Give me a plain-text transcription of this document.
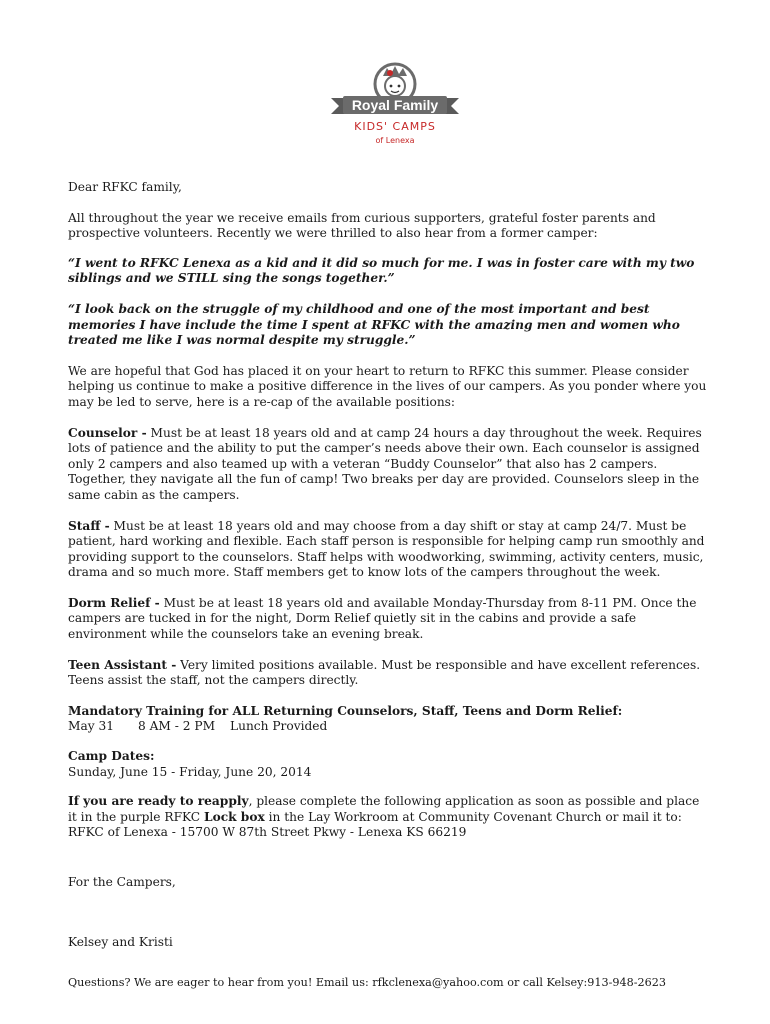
Royal Family
KIDS' CAMPS
of Lenexa

Dear RFKC family,

All throughout the year we receive emails from curious supporters, grateful foster parents and prospective volunteers. Recently we were thrilled to also hear from a former camper:

“I went to RFKC Lenexa as a kid and it did so much for me. I was in foster care with my two siblings and we STILL sing the songs together.”

“I look back on the struggle of my childhood and one of the most important and best memories I have include the time I spent at RFKC with the amazing men and women who treated me like I was normal despite my struggle.”

We are hopeful that God has placed it on your heart to return to RFKC this summer. Please consider helping us continue to make a positive difference in the lives of our campers. As you ponder where you may be led to serve, here is a re-cap of the available positions:

Counselor - Must be at least 18 years old and at camp 24 hours a day throughout the week. Requires lots of patience and the ability to put the camper’s needs above their own. Each counselor is assigned only 2 campers and also teamed up with a veteran “Buddy Counselor” that also has 2 campers. Together, they navigate all the fun of camp! Two breaks per day are provided. Counselors sleep in the same cabin as the campers.

Staff - Must be at least 18 years old and may choose from a day shift or stay at camp 24/7. Must be patient, hard working and flexible. Each staff person is responsible for helping camp run smoothly and providing support to the counselors. Staff helps with woodworking, swimming, activity centers, music, drama and so much more. Staff members get to know lots of the campers throughout the week.

Dorm Relief - Must be at least 18 years old and available Monday-Thursday from 8-11 PM. Once the campers are tucked in for the night, Dorm Relief quietly sit in the cabins and provide a safe environment while the counselors take an evening break.

Teen Assistant - Very limited positions available. Must be responsible and have excellent references. Teens assist the staff, not the campers directly.

Mandatory Training for ALL Returning Counselors, Staff, Teens and Dorm Relief:

May 31 8 AM - 2 PM Lunch Provided

Camp Dates:

Sunday, June 15 - Friday, June 20, 2014

If you are ready to reapply, please complete the following application as soon as possible and place it in the purple RFKC Lock box in the Lay Workroom at Community Covenant Church or mail it to:

RFKC of Lenexa - 15700 W 87th Street Pkwy - Lenexa KS 66219

For the Campers,

Kelsey and Kristi

Questions? We are eager to hear from you! Email us: rfkclenexa@yahoo.com or call Kelsey:913-948-2623
